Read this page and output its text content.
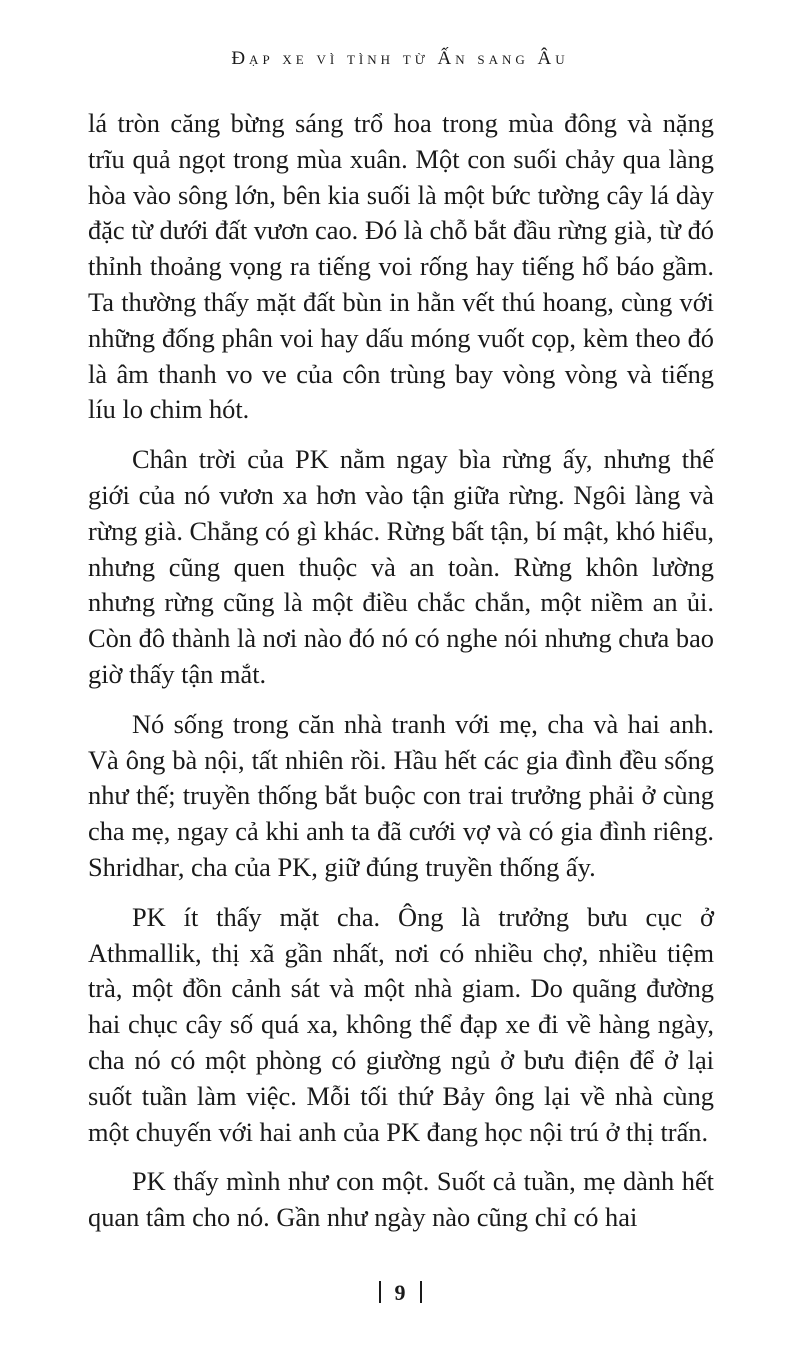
Đạp xe vì tình từ Ấn sang Âu

lá tròn căng bừng sáng trổ hoa trong mùa đông và nặng trĩu quả ngọt trong mùa xuân. Một con suối chảy qua làng hòa vào sông lớn, bên kia suối là một bức tường cây lá dày đặc từ dưới đất vươn cao. Đó là chỗ bắt đầu rừng già, từ đó thỉnh thoảng vọng ra tiếng voi rống hay tiếng hổ báo gầm. Ta thường thấy mặt đất bùn in hằn vết thú hoang, cùng với những đống phân voi hay dấu móng vuốt cọp, kèm theo đó là âm thanh vo ve của côn trùng bay vòng vòng và tiếng líu lo chim hót.

Chân trời của PK nằm ngay bìa rừng ấy, nhưng thế giới của nó vươn xa hơn vào tận giữa rừng. Ngôi làng và rừng già. Chẳng có gì khác. Rừng bất tận, bí mật, khó hiểu, nhưng cũng quen thuộc và an toàn. Rừng khôn lường nhưng rừng cũng là một điều chắc chắn, một niềm an ủi. Còn đô thành là nơi nào đó nó có nghe nói nhưng chưa bao giờ thấy tận mắt.

Nó sống trong căn nhà tranh với mẹ, cha và hai anh. Và ông bà nội, tất nhiên rồi. Hầu hết các gia đình đều sống như thế; truyền thống bắt buộc con trai trưởng phải ở cùng cha mẹ, ngay cả khi anh ta đã cưới vợ và có gia đình riêng. Shridhar, cha của PK, giữ đúng truyền thống ấy.

PK ít thấy mặt cha. Ông là trưởng bưu cục ở Athmallik, thị xã gần nhất, nơi có nhiều chợ, nhiều tiệm trà, một đồn cảnh sát và một nhà giam. Do quãng đường hai chục cây số quá xa, không thể đạp xe đi về hàng ngày, cha nó có một phòng có giường ngủ ở bưu điện để ở lại suốt tuần làm việc. Mỗi tối thứ Bảy ông lại về nhà cùng một chuyến với hai anh của PK đang học nội trú ở thị trấn.

PK thấy mình như con một. Suốt cả tuần, mẹ dành hết quan tâm cho nó. Gần như ngày nào cũng chỉ có hai

9
